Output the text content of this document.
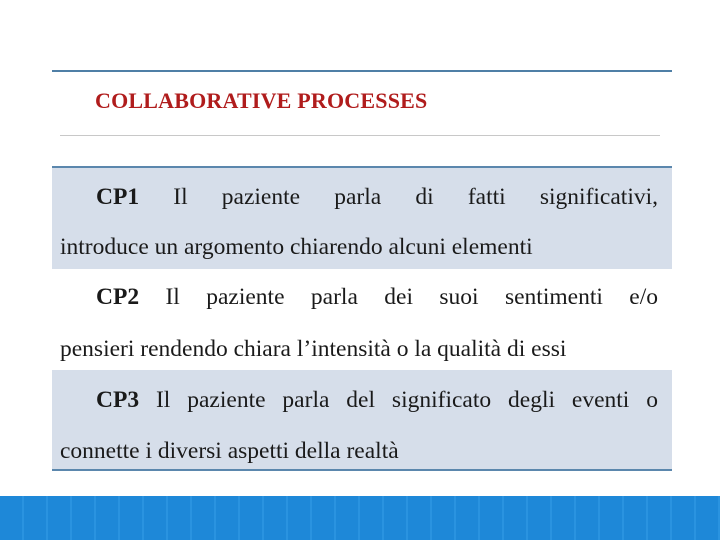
COLLABORATIVE PROCESSES
CP1 Il paziente parla di fatti significativi,
introduce un argomento chiarendo alcuni elementi
CP2 Il paziente parla dei suoi sentimenti e/o
pensieri rendendo chiara l’intensità o la qualità di essi
CP3 Il paziente parla del significato degli eventi o
connette i diversi aspetti della realtà
